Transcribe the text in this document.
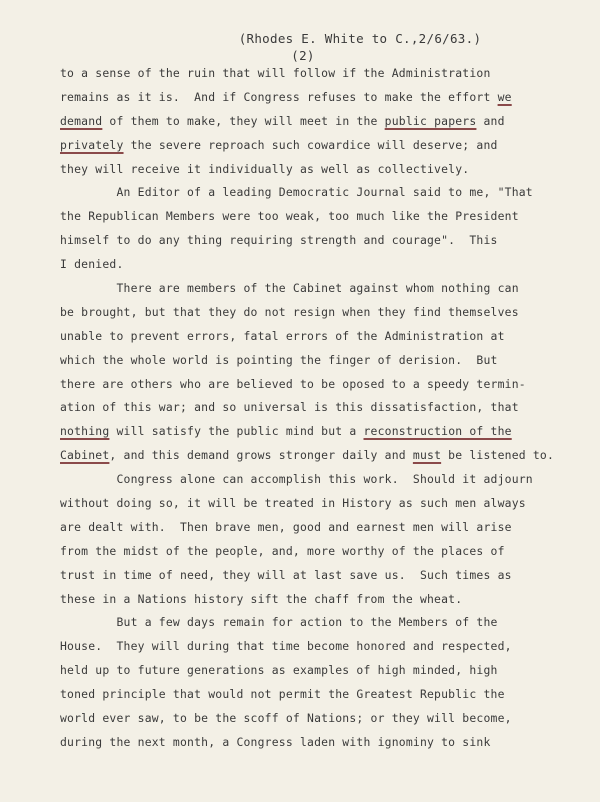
(Rhodes E. White to C.,2/6/63.)
(2)
to a sense of the ruin that will follow if the Administration
remains as it is.  And if Congress refuses to make the effort we
demand of them to make, they will meet in the public papers and
privately the severe reproach such cowardice will deserve; and
they will receive it individually as well as collectively.
An Editor of a leading Democratic Journal said to me, "That
the Republican Members were too weak, too much like the President
himself to do any thing requiring strength and courage".  This
I denied.
There are members of the Cabinet against whom nothing can
be brought, but that they do not resign when they find themselves
unable to prevent errors, fatal errors of the Administration at
which the whole world is pointing the finger of derision.  But
there are others who are believed to be oposed to a speedy termin-
ation of this war; and so universal is this dissatisfaction, that
nothing will satisfy the public mind but a reconstruction of the
Cabinet, and this demand grows stronger daily and must be listened to.
Congress alone can accomplish this work.  Should it adjourn
without doing so, it will be treated in History as such men always
are dealt with.  Then brave men, good and earnest men will arise
from the midst of the people, and, more worthy of the places of
trust in time of need, they will at last save us.  Such times as
these in a Nations history sift the chaff from the wheat.
But a few days remain for action to the Members of the
House.  They will during that time become honored and respected,
held up to future generations as examples of high minded, high
toned principle that would not permit the Greatest Republic the
world ever saw, to be the scoff of Nations; or they will become,
during the next month, a Congress laden with ignominy to sink
